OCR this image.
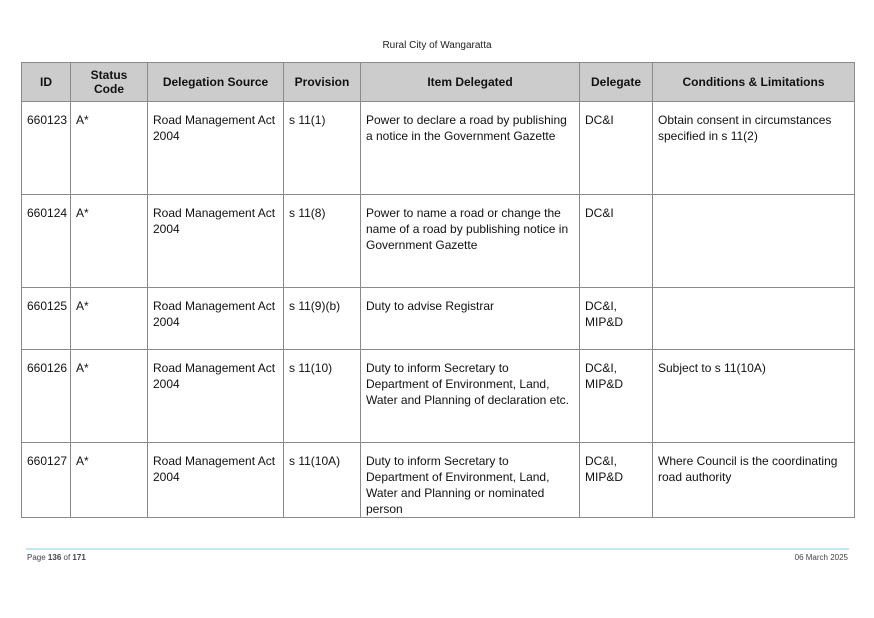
Rural City of Wangaratta
ID	Status Code	Delegation Source	Provision	Item Delegated	Delegate	Conditions & Limitations
660123	A*	Road Management Act 2004	s 11(1)	Power to declare a road by publishing a notice in the Government Gazette	DC&I	Obtain consent in circumstances specified in s 11(2)
660124	A*	Road Management Act 2004	s 11(8)	Power to name a road or change the name of a road by publishing notice in Government Gazette	DC&I	
660125	A*	Road Management Act 2004	s 11(9)(b)	Duty to advise Registrar	DC&I, MIP&D	
660126	A*	Road Management Act 2004	s 11(10)	Duty to inform Secretary to Department of Environment, Land, Water and Planning of declaration etc.	DC&I, MIP&D	Subject to s 11(10A)
660127	A*	Road Management Act 2004	s 11(10A)	Duty to inform Secretary to Department of Environment, Land, Water and Planning or nominated person	DC&I, MIP&D	Where Council is the coordinating road authority
Page 136 of 171	06 March 2025
